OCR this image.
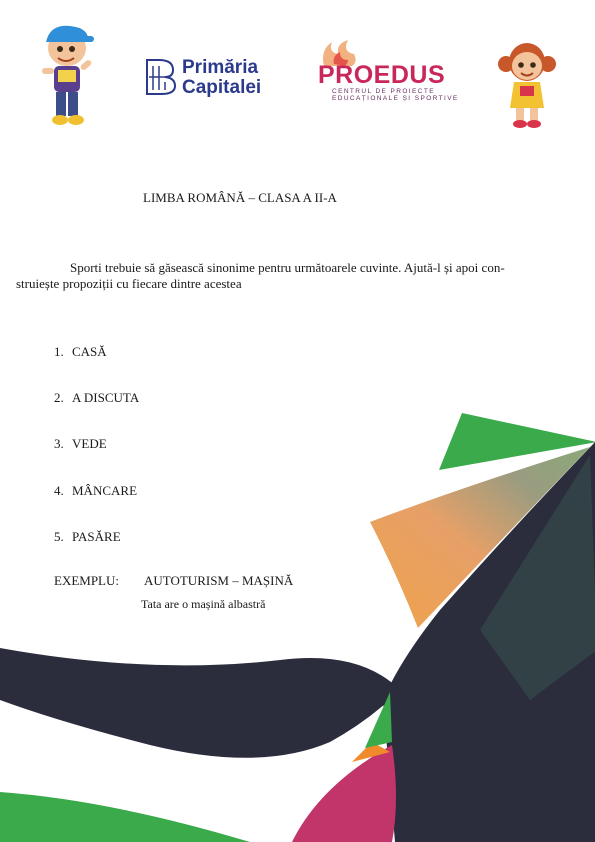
Primăria
Capitalei PROEDUS
CENTRUL DE PROIECTE
EDUCAȚIONALE ȘI SPORTIVE
LIMBA ROMÂNĂ – CLASA A II-A
Sporti trebuie să găsească sinonime pentru următoarele cuvinte. Ajută-l și apoi con-
struiește propoziții cu fiecare dintre acestea
1. CASĂ
2. A DISCUTA
3. VEDE
4. MÂNCARE
5. PASĂRE
EXEMPLU: AUTOTURISM – MAȘINĂ
Tata are o mașină albastră
